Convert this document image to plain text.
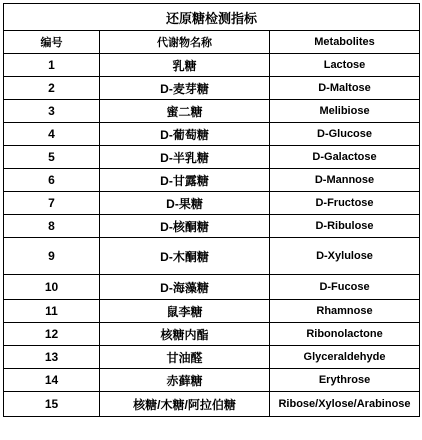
还原糖检测指标		
编号	代谢物名称	Metabolites
1	乳糖	Lactose
2	D-麦芽糖	D-Maltose
3	蜜二糖	Melibiose
4	D-葡萄糖	D-Glucose
5	D-半乳糖	D-Galactose
6	D-甘露糖	D-Mannose
7	D-果糖	D-Fructose
8	D-核酮糖	D-Ribulose
9	D-木酮糖	D-Xylulose
10	D-海藻糖	D-Fucose
11	鼠李糖	Rhamnose
12	核糖内酯	Ribonolactone
13	甘油醛	Glyceraldehyde
14	赤藓糖	Erythrose
15	核糖/木糖/阿拉伯糖	Ribose/Xylose/Arabinose
